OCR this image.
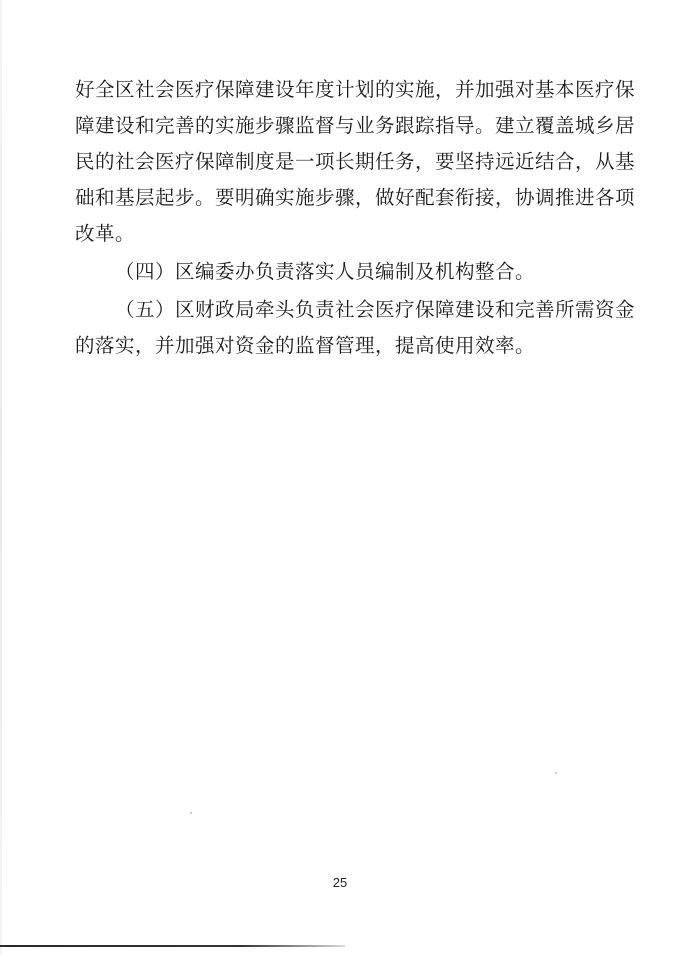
好全区社会医疗保障建设年度计划的实施，并加强对基本医疗保
障建设和完善的实施步骤监督与业务跟踪指导。建立覆盖城乡居
民的社会医疗保障制度是一项长期任务，要坚持远近结合，从基
础和基层起步。要明确实施步骤，做好配套衔接，协调推进各项
改革。
（四）区编委办负责落实人员编制及机构整合。
（五）区财政局牵头负责社会医疗保障建设和完善所需资金
的落实，并加强对资金的监督管理，提高使用效率。
25
